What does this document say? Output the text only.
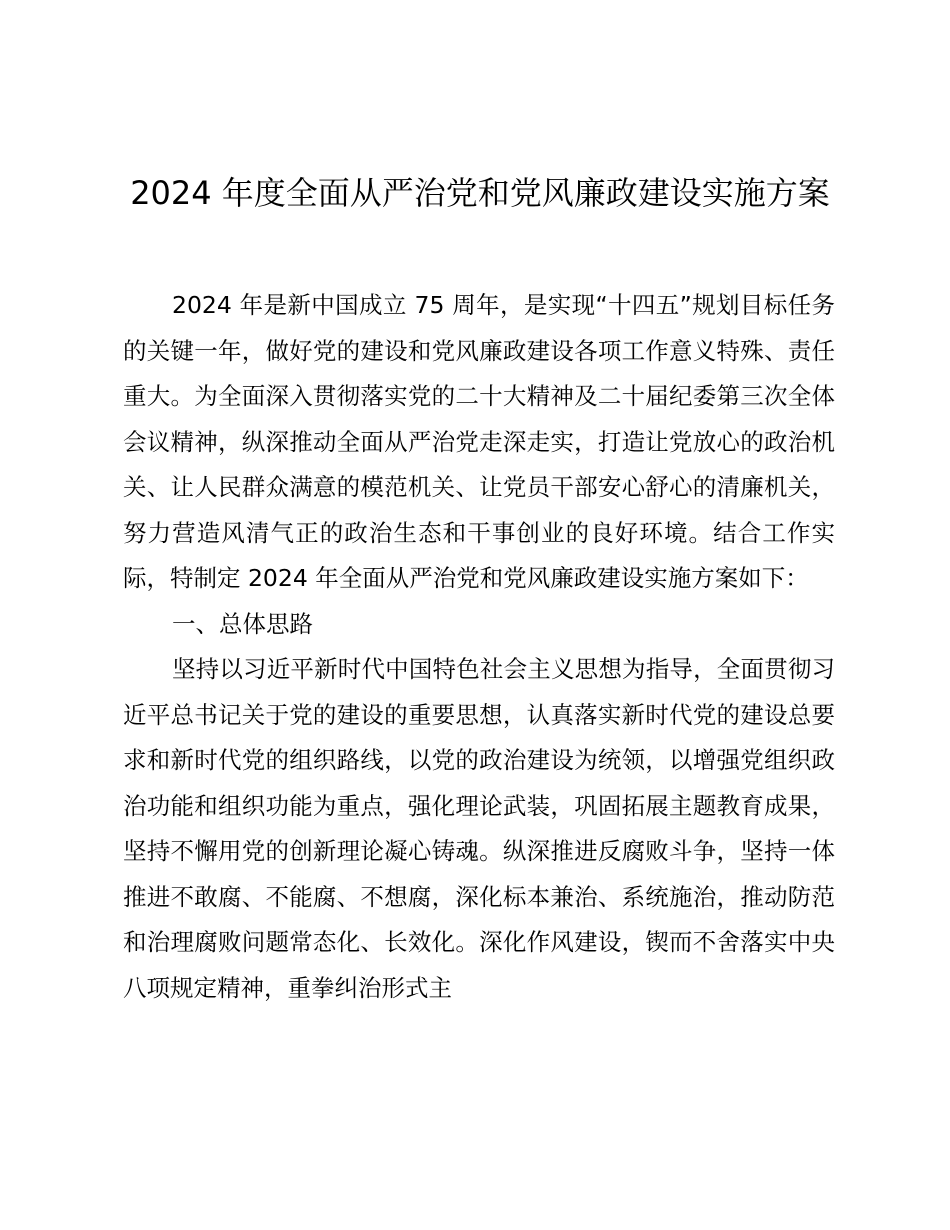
2024 年度全面从严治党和党风廉政建设实施方案

2024 年是新中国成立 75 周年，是实现“十四五”规划目标任务的关键一年，做好党的建设和党风廉政建设各项工作意义特殊、责任重大。为全面深入贯彻落实党的二十大精神及二十届纪委第三次全体会议精神，纵深推动全面从严治党走深走实，打造让党放心的政治机关、让人民群众满意的模范机关、让党员干部安心舒心的清廉机关，努力营造风清气正的政治生态和干事创业的良好环境。结合工作实际，特制定 2024 年全面从严治党和党风廉政建设实施方案如下：

一、总体思路

坚持以习近平新时代中国特色社会主义思想为指导，全面贯彻习近平总书记关于党的建设的重要思想，认真落实新时代党的建设总要求和新时代党的组织路线，以党的政治建设为统领，以增强党组织政治功能和组织功能为重点，强化理论武装，巩固拓展主题教育成果，坚持不懈用党的创新理论凝心铸魂。纵深推进反腐败斗争，坚持一体推进不敢腐、不能腐、不想腐，深化标本兼治、系统施治，推动防范和治理腐败问题常态化、长效化。深化作风建设，锲而不舍落实中央八项规定精神，重拳纠治形式主
